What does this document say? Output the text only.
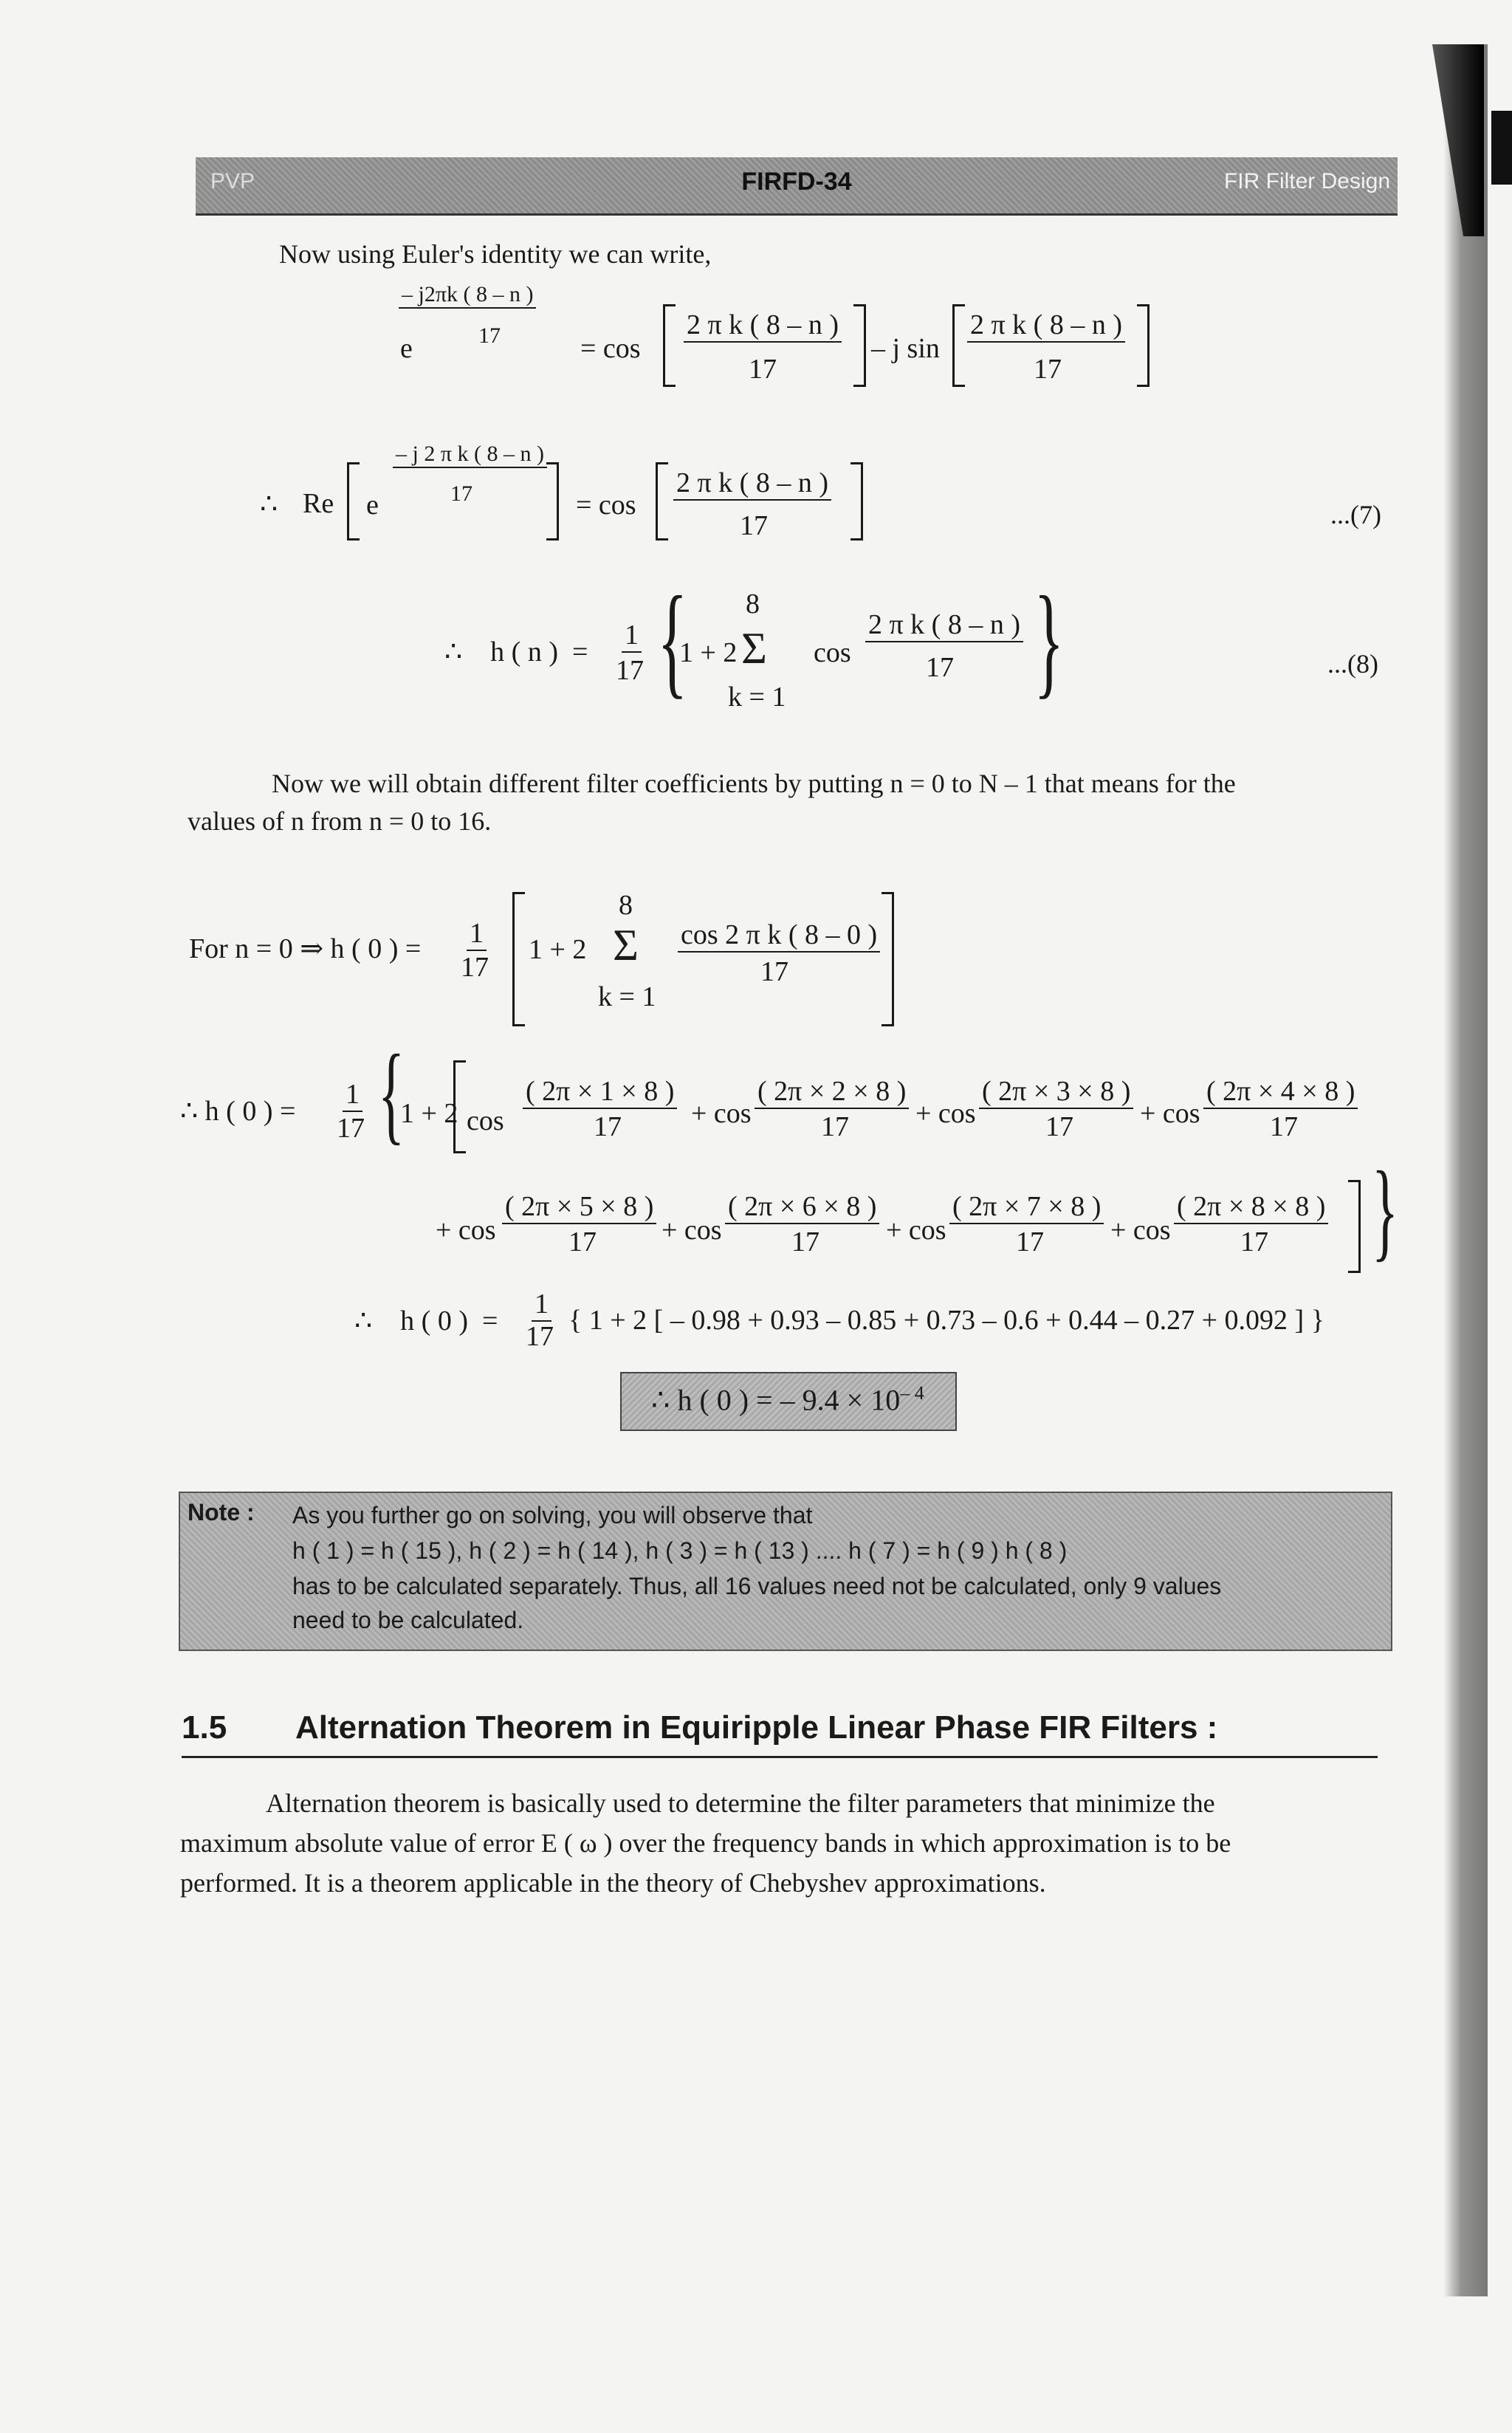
PVP	FIRFD-34	FIR Filter Design
Now using Euler's identity we can write,
– j2πk ( 8 – n )
17
e	= cos
2 π k ( 8 – n )
17
– j sin
2 π k ( 8 – n )
17
∴ Re
– j 2 π k ( 8 – n )
17
e	= cos
2 π k ( 8 – n )
17	...(7)
∴    h ( n )  =
1
17 {
1 + 2
8
Σ
k = 1
cos
2 π k ( 8 – n )
17 }	...(8)
Now we will obtain different filter coefficients by putting n = 0 to N – 1 that means for the
values of n from n = 0 to 16.
For n = 0 ⇒ h ( 0 ) = 1
17
1 + 2
8
Σ
k = 1
cos 2 π k ( 8 – 0 )
17
∴ h ( 0 ) =
1
17 {
1 + 2 cos
( 2π × 1 × 8 )
17 + cos
( 2π × 2 × 8 )
17 + cos
( 2π × 3 × 8 )
17 + cos
( 2π × 4 × 8 )
17
+ cos
( 2π × 5 × 8 )
17 + cos
( 2π × 6 × 8 )
17 + cos
( 2π × 7 × 8 )
17 + cos
( 2π × 8 × 8 )
17 }
∴    h ( 0 )  =
1
17
{ 1 + 2 [ – 0.98 + 0.93 – 0.85 + 0.73 – 0.6 + 0.44 – 0.27 + 0.092 ] }
∴ h ( 0 ) = – $9.4 \times 10^{- 4}$
Note : As you further go on solving, you will observe that
h ( 1 ) = h ( 15 ), h ( 2 ) = h ( 14 ), h ( 3 ) = h ( 13 ) .... h ( 7 ) = h ( 9 ) h ( 8 )
has to be calculated separately. Thus, all 16 values need not be calculated, only 9 values
need to be calculated.
1.5 Alternation Theorem in Equiripple Linear Phase FIR Filters :
Alternation theorem is basically used to determine the filter parameters that minimize the
maximum absolute value of error E ( ω ) over the frequency bands in which approximation is to be
performed. It is a theorem applicable in the theory of Chebyshev approximations.
